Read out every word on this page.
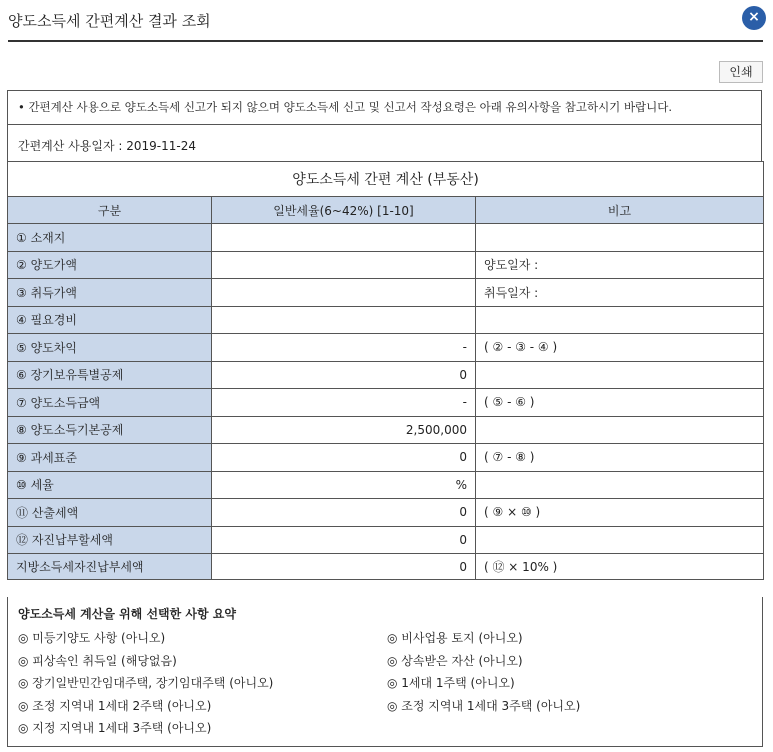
양도소득세 간편계산 결과 조회	×
인쇄
• 간편계산 사용으로 양도소득세 신고가 되지 않으며 양도소득세 신고 및 신고서 작성요령은 아래 유의사항을 참고하시기 바랍니다.
간편계산 사용일자 : 2019-11-24
양도소득세 간편 계산 (부동산)		
구분	일반세율(6~42%) [1-10]	비고
① 소재지		
② 양도가액		양도일자 :
③ 취득가액		취득일자 :
④ 필요경비		
⑤ 양도차익	-	( ② - ③ - ④ )
⑥ 장기보유특별공제	0	
⑦ 양도소득금액	-	( ⑤ - ⑥ )
⑧ 양도소득기본공제	2,500,000	
⑨ 과세표준	0	( ⑦ - ⑧ )
⑩ 세율	%	
⑪ 산출세액	0	( ⑨ × ⑩ )
⑫ 자진납부할세액	0	
지방소득세자진납부세액	0	( ⑫ × 10% )
양도소득세 계산을 위해 선택한 사항 요약
◎ 미등기양도 사항 (아니오)
◎ 피상속인 취득일 (해당없음)
◎ 장기일반민간임대주택, 장기임대주택 (아니오)
◎ 조정 지역내 1세대 2주택 (아니오)
◎ 지정 지역내 1세대 3주택 (아니오)
◎ 비사업용 토지 (아니오)
◎ 상속받은 자산 (아니오)
◎ 1세대 1주택 (아니오)
◎ 조정 지역내 1세대 3주택 (아니오)
